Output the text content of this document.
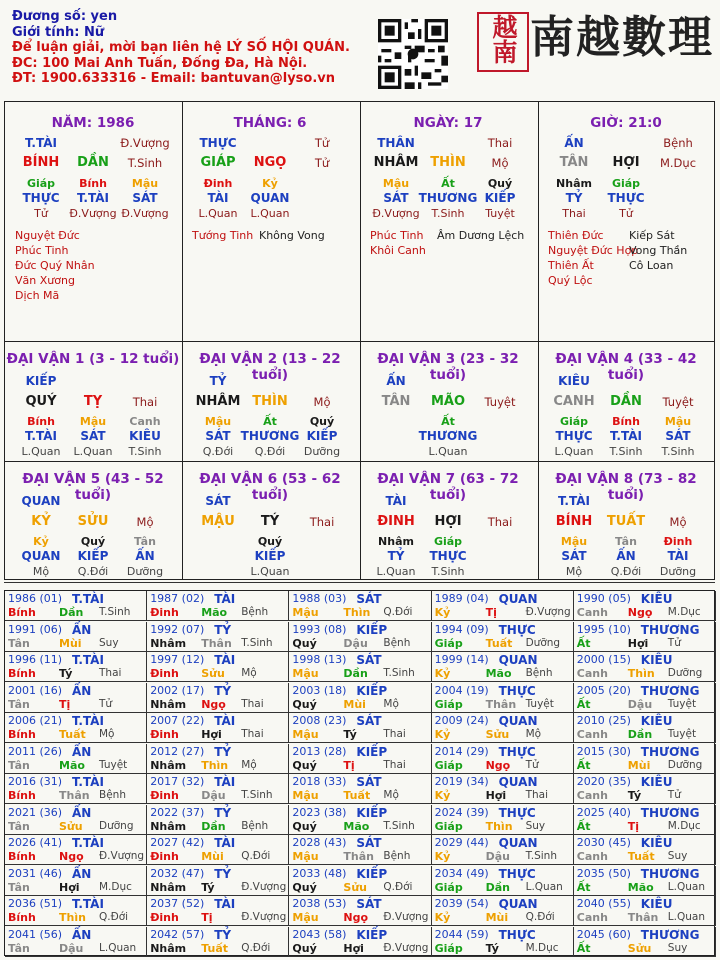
Đương số: yen
Giới tính: Nữ
Để luận giải, mời bạn liên hệ LÝ SỐ HỘI QUÁN.
ĐC: 100 Mai Anh Tuấn, Đống Đa, Hà Nội.
ĐT: 1900.633316 - Email: bantuvan@lyso.vn
越南 南越數理
NĂM: 1986
T.TÀI	Đ.Vượng
BÍNH DẦN T.Sinh
Giáp
THỰC
Tử
Bính
T.TÀI
Đ.Vượng
Mậu
SÁT
Đ.Vượng
Nguyệt Đức
Phúc Tinh
Đức Quý Nhân
Văn Xương
Dịch Mã
THÁNG: 6
THỰC	Tử
GIÁP NGỌ Tử
Đinh
TÀI
L.Quan
Kỷ
QUAN
L.Quan
Tướng Tinh Không Vong
NGÀY: 17
THÂN	Thai
NHÂM THÌN Mộ
Mậu
SÁT
Đ.Vượng
Ất
THƯƠNG
T.Sinh
Quý
KIẾP
Tuyệt
Phúc Tinh
Khôi Canh
Âm Dương Lệch
GIỜ: 21:0
ẤN	Bệnh
TÂN HỢI M.Dục
Nhâm
TỶ
Thai
Giáp
THỰC
Tử
Thiên Đức
Nguyệt Đức Hợp
Thiên Ất
Quý Lộc
Kiếp Sát
Vong Thần
Cô Loan
ĐẠI VẬN 1 (3 - 12 tuổi)
KIẾP
QUÝ TỴ	Thai
Bính
T.TÀI
L.Quan
Mậu
SÁT
L.Quan
Canh
KIÊU
T.Sinh
ĐẠI VẬN 2 (13 - 22 tuổi)
TỶ
NHÂM THÌN Mộ
Mậu
SÁT
Q.Đới
Ất
THƯƠNG
Q.Đới
Quý
KIẾP
Dưỡng
ĐẠI VẬN 3 (23 - 32 tuổi)
ẤN
TÂN MÃO Tuyệt
Ất
THƯƠNG
L.Quan
ĐẠI VẬN 4 (33 - 42 tuổi)
KIÊU
CANH DẦN Tuyệt
Giáp
THỰC
L.Quan
Bính
T.TÀI
T.Sinh
Mậu
SÁT
T.Sinh
ĐẠI VẬN 5 (43 - 52 tuổi)
QUAN
KỶ SỬU Mộ
Kỷ
QUAN
Mộ
Quý
KIẾP
Q.Đới
Tân
ẤN
Dưỡng
ĐẠI VẬN 6 (53 - 62 tuổi)
SÁT
MẬU TÝ	Thai
Quý
KIẾP
L.Quan
ĐẠI VẬN 7 (63 - 72 tuổi)
TÀI
ĐINH HỢI Thai
Nhâm
TỶ
L.Quan
Giáp
THỰC
T.Sinh
ĐẠI VẬN 8 (73 - 82 tuổi)
T.TÀI
BÍNH TUẤT Mộ
Mậu
SÁT
Mộ
Tân
ẤN
Q.Đới
Đinh
TÀI
Dưỡng
1986 (01) T.TÀI
Bính Dần T.Sinh
1987 (02) TÀI
Đinh Mão Bệnh
1988 (03) SÁT
Mậu Thìn Q.Đới
1989 (04) QUAN
Kỷ	Tị	Đ.Vượng
1990 (05) KIÊU
Canh Ngọ M.Dục
1991 (06) ẤN
Tân	Mùi Suy
1992 (07) TỶ
Nhâm Thân T.Sinh
1993 (08) KIẾP
Quý Dậu Bệnh
1994 (09) THỰC
Giáp Tuất Dưỡng
1995 (10) THƯƠNG
Ất	Hợi Tử
1996 (11) T.TÀI
Bính Tý	Thai
1997 (12) TÀI
Đinh Sửu Mộ
1998 (13) SÁT
Mậu Dần T.Sinh
1999 (14) QUAN
Kỷ	Mão Bệnh
2000 (15) KIÊU
Canh Thìn Dưỡng
2001 (16) ẤN
Tân	Tị	Tử
2002 (17) TỶ
Nhâm Ngọ Thai
2003 (18) KIẾP
Quý Mùi Mộ
2004 (19) THỰC
Giáp Thân Tuyệt
2005 (20) THƯƠNG
Ất	Dậu Tuyệt
2006 (21) T.TÀI
Bính Tuất Mộ
2007 (22) TÀI
Đinh Hợi Thai
2008 (23) SÁT
Mậu Tý	Thai
2009 (24) QUAN
Kỷ	Sửu Mộ
2010 (25) KIÊU
Canh Dần Tuyệt
2011 (26) ẤN
Tân	Mão Tuyệt
2012 (27) TỶ
Nhâm Thìn Mộ
2013 (28) KIẾP
Quý Tị	Thai
2014 (29) THỰC
Giáp Ngọ Tử
2015 (30) THƯƠNG
Ất	Mùi Dưỡng
2016 (31) T.TÀI
Bính Thân Bệnh
2017 (32) TÀI
Đinh Dậu T.Sinh
2018 (33) SÁT
Mậu Tuất Mộ
2019 (34) QUAN
Kỷ	Hợi Thai
2020 (35) KIÊU
Canh Tý	Tử
2021 (36) ẤN
Tân	Sửu Dưỡng
2022 (37) TỶ
Nhâm Dần Bệnh
2023 (38) KIẾP
Quý Mão T.Sinh
2024 (39) THỰC
Giáp Thìn Suy
2025 (40) THƯƠNG
Ất	Tị	M.Dục
2026 (41) T.TÀI
Bính Ngọ Đ.Vượng
2027 (42) TÀI
Đinh Mùi Q.Đới
2028 (43) SÁT
Mậu Thân Bệnh
2029 (44) QUAN
Kỷ	Dậu T.Sinh
2030 (45) KIÊU
Canh Tuất Suy
2031 (46) ẤN
Tân	Hợi M.Dục
2032 (47) TỶ
Nhâm Tý	Đ.Vượng
2033 (48) KIẾP
Quý Sửu Q.Đới
2034 (49) THỰC
Giáp Dần L.Quan
2035 (50) THƯƠNG
Ất	Mão L.Quan
2036 (51) T.TÀI
Bính Thìn Q.Đới
2037 (52) TÀI
Đinh Tị	Đ.Vượng
2038 (53) SÁT
Mậu Ngọ Đ.Vượng
2039 (54) QUAN
Kỷ	Mùi Q.Đới
2040 (55) KIÊU
Canh Thân L.Quan
2041 (56) ẤN
Tân	Dậu L.Quan
2042 (57) TỶ
Nhâm Tuất Q.Đới
2043 (58) KIẾP
Quý Hợi Đ.Vượng
2044 (59) THỰC
Giáp Tý	M.Dục
2045 (60) THƯƠNG
Ất	Sửu Suy
